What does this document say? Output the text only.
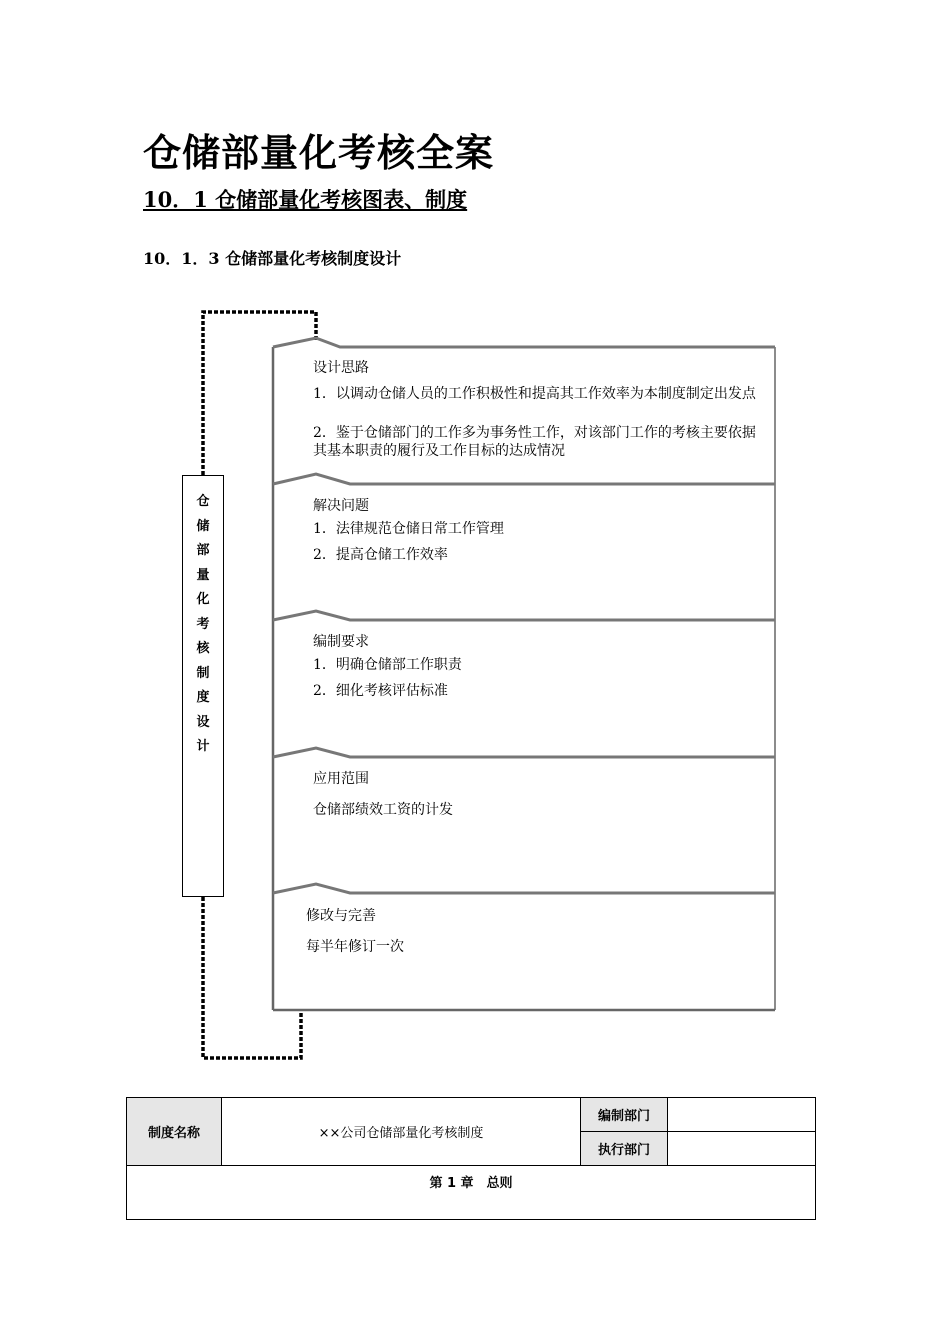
仓储部量化考核全案
10．1 仓储部量化考核图表、制度
10．1．3 仓储部量化考核制度设计
仓
储
部
量
化
考
核
制
度
设
计
设计思路
1．以调动仓储人员的工作积极性和提高其工作效率为本制度制定出发点
2．鉴于仓储部门的工作多为事务性工作，对该部门工作的考核主要依据其基本职责的履行及工作目标的达成情况
解决问题
1．法律规范仓储日常工作管理
2．提高仓储工作效率
编制要求
1．明确仓储部工作职责
2．细化考核评估标准
应用范围
仓储部绩效工资的计发
修改与完善
每半年修订一次
制度名称	××公司仓储部量化考核制度	编制部门	
		执行部门	
第 1 章　总则			
